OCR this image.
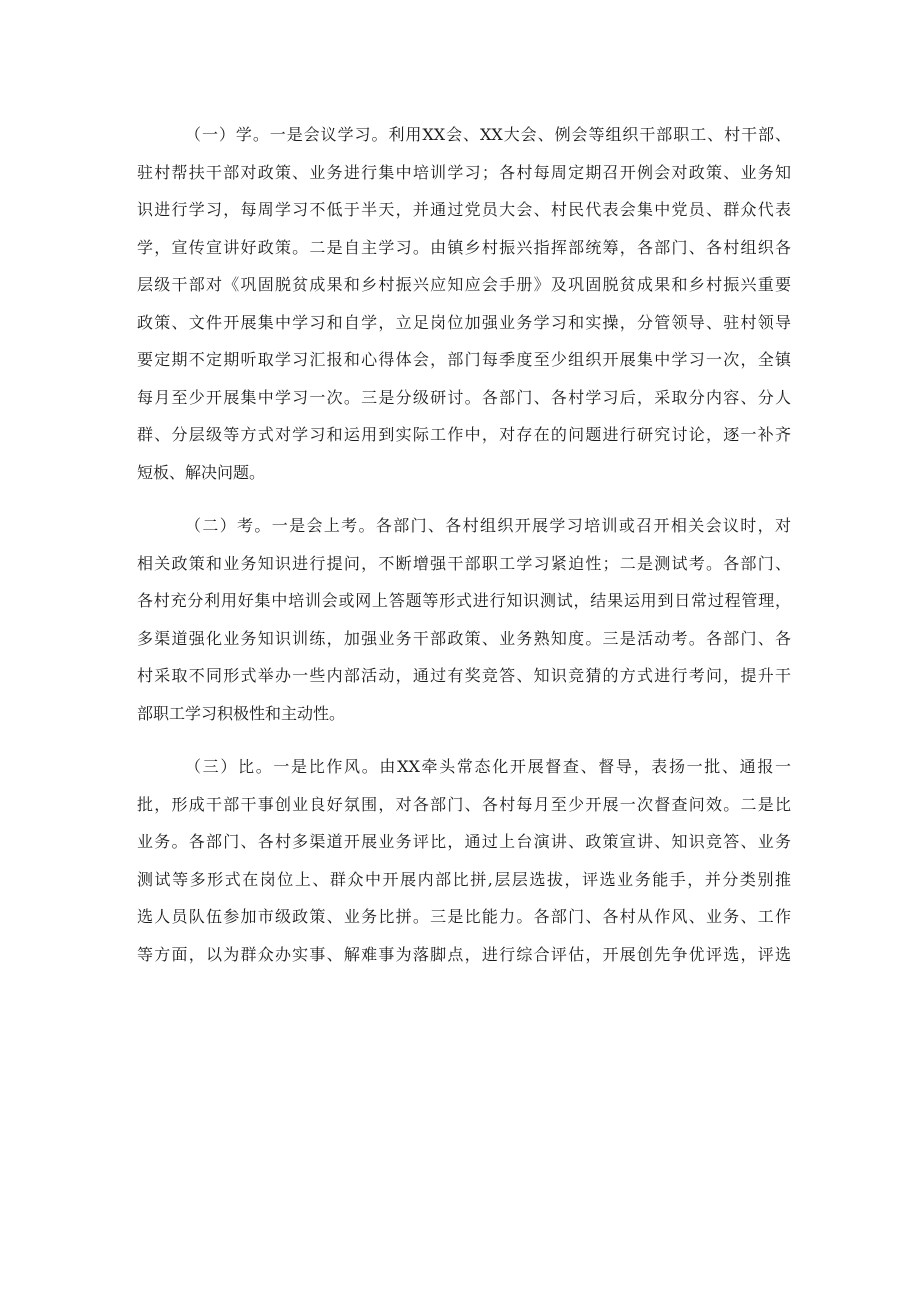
（一）学。一是会议学习。利用XX会、XX大会、例会等组织干部职工、村干部、
驻村帮扶干部对政策、业务进行集中培训学习；各村每周定期召开例会对政策、业务知
识进行学习，每周学习不低于半天，并通过党员大会、村民代表会集中党员、群众代表
学，宣传宣讲好政策。二是自主学习。由镇乡村振兴指挥部统筹，各部门、各村组织各
层级干部对《巩固脱贫成果和乡村振兴应知应会手册》及巩固脱贫成果和乡村振兴重要
政策、文件开展集中学习和自学，立足岗位加强业务学习和实操，分管领导、驻村领导
要定期不定期听取学习汇报和心得体会，部门每季度至少组织开展集中学习一次，全镇
每月至少开展集中学习一次。三是分级研讨。各部门、各村学习后，采取分内容、分人
群、分层级等方式对学习和运用到实际工作中，对存在的问题进行研究讨论，逐一补齐
短板、解决问题。
（二）考。一是会上考。各部门、各村组织开展学习培训或召开相关会议时，对
相关政策和业务知识进行提问，不断增强干部职工学习紧迫性；二是测试考。各部门、
各村充分利用好集中培训会或网上答题等形式进行知识测试，结果运用到日常过程管理，
多渠道强化业务知识训练，加强业务干部政策、业务熟知度。三是活动考。各部门、各
村采取不同形式举办一些内部活动，通过有奖竞答、知识竞猜的方式进行考问，提升干
部职工学习积极性和主动性。
（三）比。一是比作风。由XX牵头常态化开展督查、督导，表扬一批、通报一
批，形成干部干事创业良好氛围，对各部门、各村每月至少开展一次督查问效。二是比
业务。各部门、各村多渠道开展业务评比，通过上台演讲、政策宣讲、知识竞答、业务
测试等多形式在岗位上、群众中开展内部比拼,层层选拔，评选业务能手，并分类别推
选人员队伍参加市级政策、业务比拼。三是比能力。各部门、各村从作风、业务、工作
等方面，以为群众办实事、解难事为落脚点，进行综合评估，开展创先争优评选，评选
